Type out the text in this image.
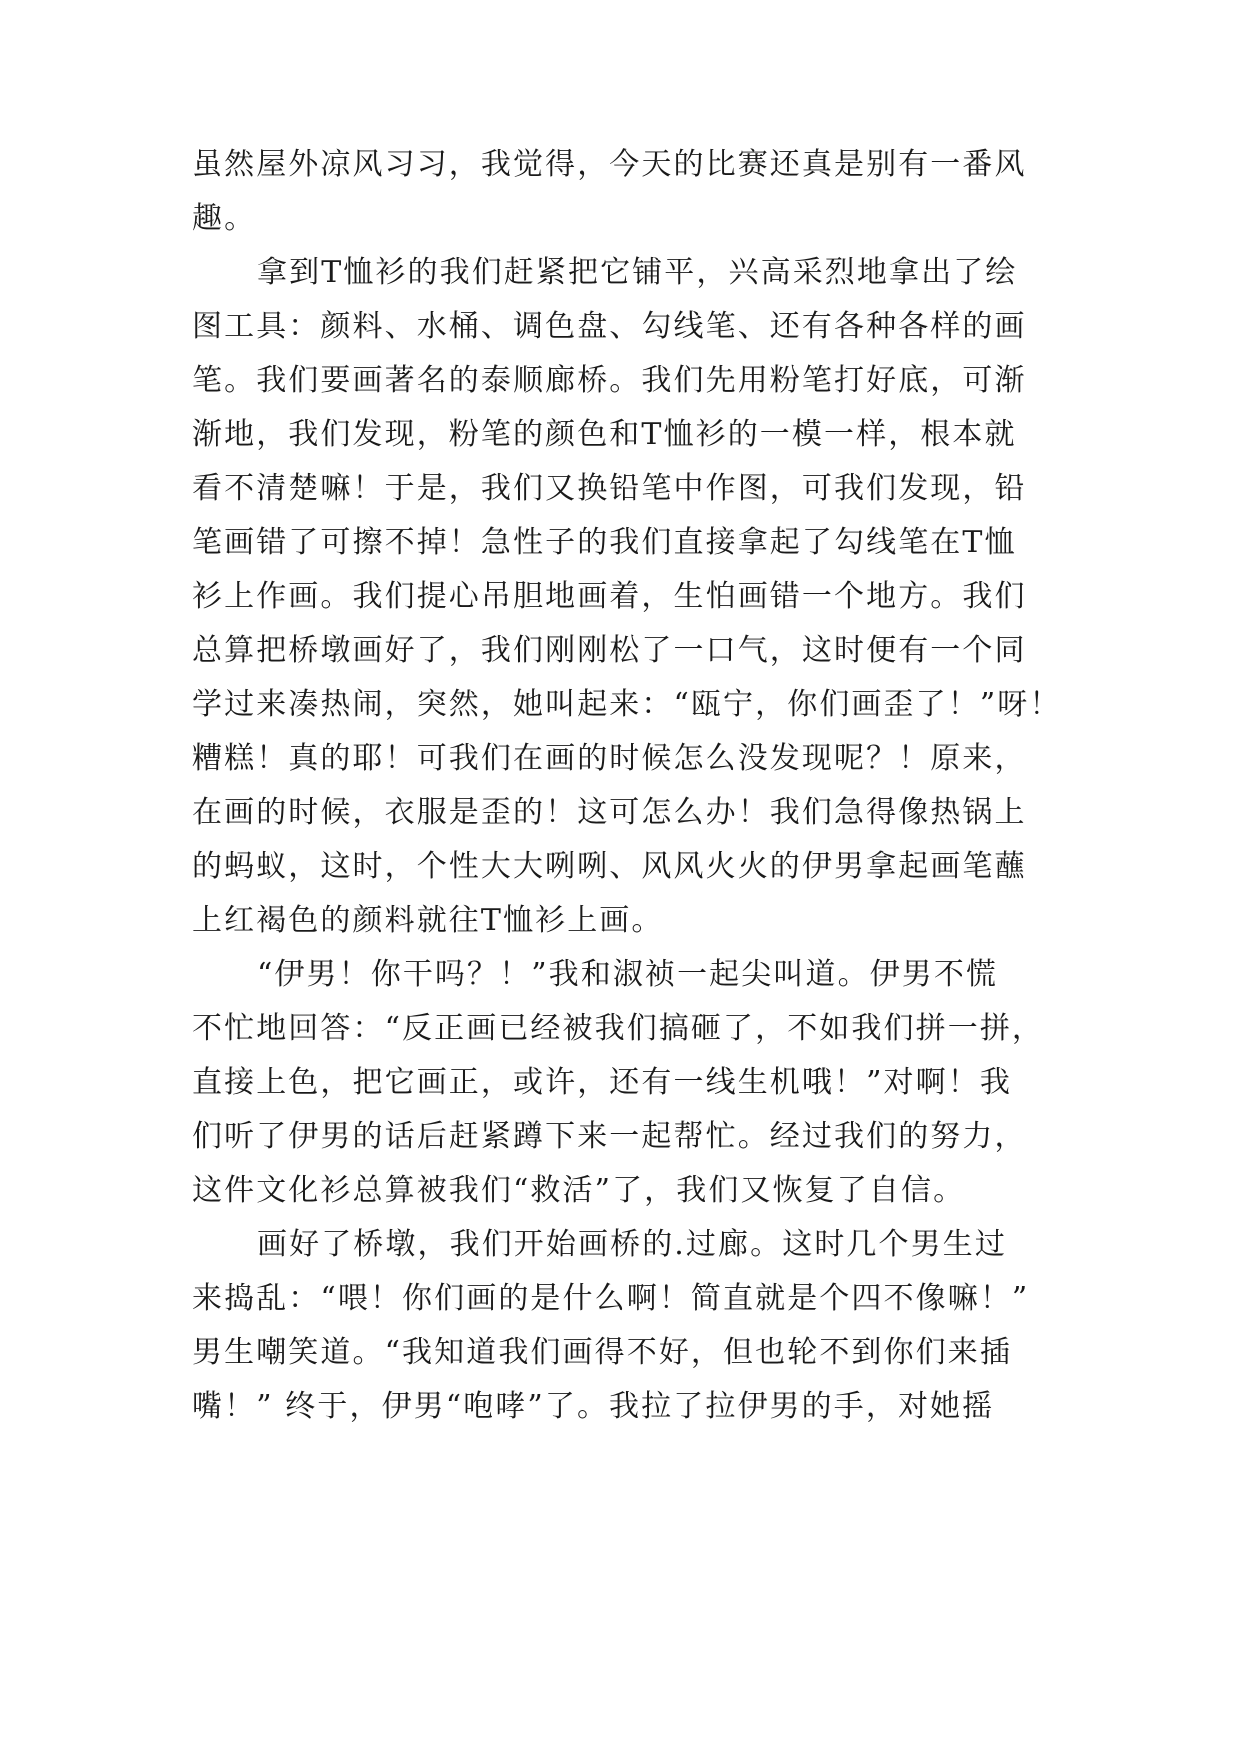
虽然屋外凉风习习，我觉得，今天的比赛还真是别有一番风
趣。
拿到T恤衫的我们赶紧把它铺平，兴高采烈地拿出了绘
图工具：颜料、水桶、调色盘、勾线笔、还有各种各样的画
笔。我们要画著名的泰顺廊桥。我们先用粉笔打好底，可渐
渐地，我们发现，粉笔的颜色和T恤衫的一模一样，根本就
看不清楚嘛！于是，我们又换铅笔中作图，可我们发现，铅
笔画错了可擦不掉！急性子的我们直接拿起了勾线笔在T恤
衫上作画。我们提心吊胆地画着，生怕画错一个地方。我们
总算把桥墩画好了，我们刚刚松了一口气，这时便有一个同
学过来凑热闹，突然，她叫起来：“瓯宁，你们画歪了！”呀！
糟糕！真的耶！可我们在画的时候怎么没发现呢？！原来，
在画的时候，衣服是歪的！这可怎么办！我们急得像热锅上
的蚂蚁，这时，个性大大咧咧、风风火火的伊男拿起画笔蘸
上红褐色的颜料就往T恤衫上画。
“伊男！你干吗？！”我和淑祯一起尖叫道。伊男不慌
不忙地回答：“反正画已经被我们搞砸了，不如我们拼一拼，
直接上色，把它画正，或许，还有一线生机哦！”对啊！我
们听了伊男的话后赶紧蹲下来一起帮忙。经过我们的努力，
这件文化衫总算被我们“救活”了，我们又恢复了自信。
画好了桥墩，我们开始画桥的.过廊。这时几个男生过
来捣乱：“喂！你们画的是什么啊！简直就是个四不像嘛！”
男生嘲笑道。“我知道我们画得不好，但也轮不到你们来插
嘴！” 终于，伊男“咆哮”了。我拉了拉伊男的手，对她摇
